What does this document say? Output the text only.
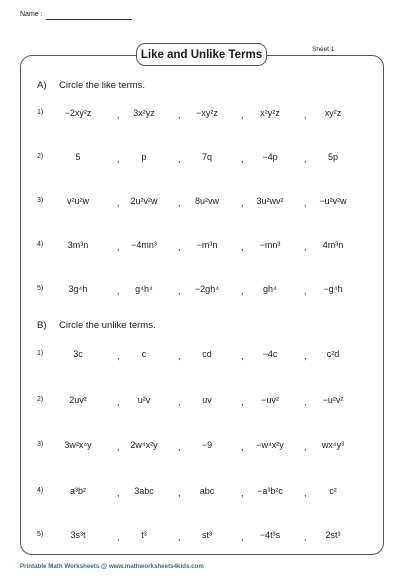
Name :
Like and Unlike Terms	Sheet 1
A) Circle the like terms.
1)	−2xy²z	,	3x²yz	,	−xy²z	,	x²y²z	,	xy²z
2)	5	,	p	,	7q	,	−4p	,	5p
3)	v²u²w	,	2u²v²w	,	8u²vw	,	3u²wv²	,	−u²v²w
4)	3m³n	,	−4mn³	,	−m³n	,	−mn³	,	4m³n
5)	3g⁴h	,	g⁴h⁴	,	−2gh⁴	,	gh⁴	,	−g⁴h
B) Circle the unlike terms.
1)	3c	,	c	,	cd	,	−4c	,	c²d
2)	2uv²	,	u²v	,	uv	,	−uv²	,	−u²v²
3)	3w²x⁴y	,	2w⁴x²y	,	−9	,	−w⁴x²y	,	wx⁴y³
4)	a³b²	,	3abc	,	abc	,	−a³b²c	,	c²
5)	3s³t	,	t³	,	st³	,	−4t³s	,	2st³
Printable Math Worksheets @ www.mathworksheets4kids.com
